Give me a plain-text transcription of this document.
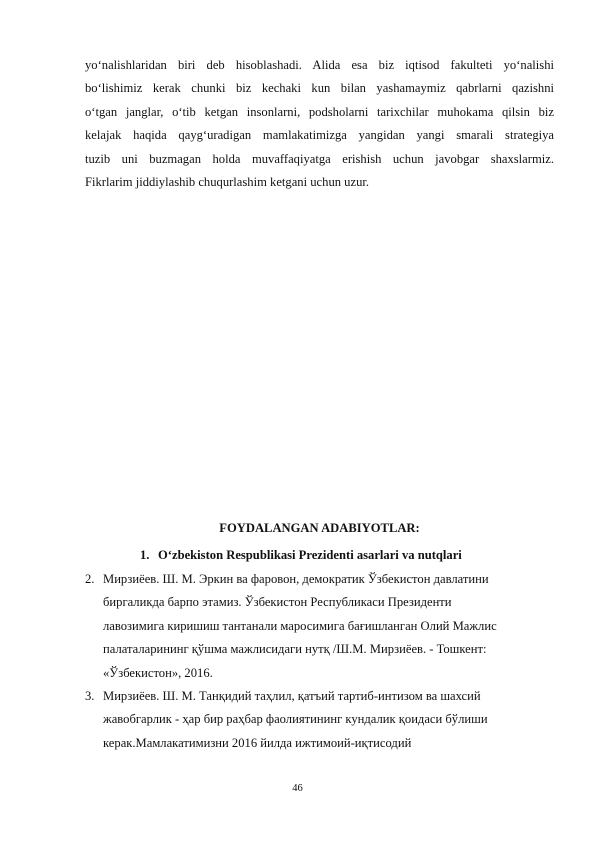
yo‘nalishlaridan biri deb hisoblashadi. Alida esa biz iqtisod fakulteti yo‘nalishi
bo‘lishimiz kerak chunki biz kechaki kun bilan yashamaymiz qabrlarni qazishni
o‘tgan janglar, o‘tib ketgan insonlarni, podsholarni tarixchilar muhokama qilsin biz
kelajak haqida qayg‘uradigan mamlakatimizga yangidan yangi smarali strategiya
tuzib uni buzmagan holda muvaffaqiyatga erishish uchun javobgar shaxslarmiz.
Fikrlarim jiddiylashib chuqurlashim ketgani uchun uzur.
FOYDALANGAN ADABIYOTLAR:
1. O‘zbekiston Respublikasi Prezidenti asarlari va nutqlari
2. Мирзиёев. Ш. М. Эркин ва фаровон, демократик Ўзбекистон давлатини
биргаликда барпо этамиз. Ўзбекистон Республикаси Президенти
лавозимига киришиш тантанали маросимига бағишланган Олий Мажлис
палаталарининг қўшма мажлисидаги нутқ /Ш.М. Мирзиёев. - Тошкент:
«Ўзбекистон», 2016.
3. Мирзиёев. Ш. М. Танқидий таҳлил, қатъий тартиб-интизом ва шахсий
жавобгарлик - ҳар бир раҳбар фаолиятининг кундалик қоидаси бўлиши
керак.Мамлакатимизни 2016 йилда ижтимоий-иқтисодий
46
